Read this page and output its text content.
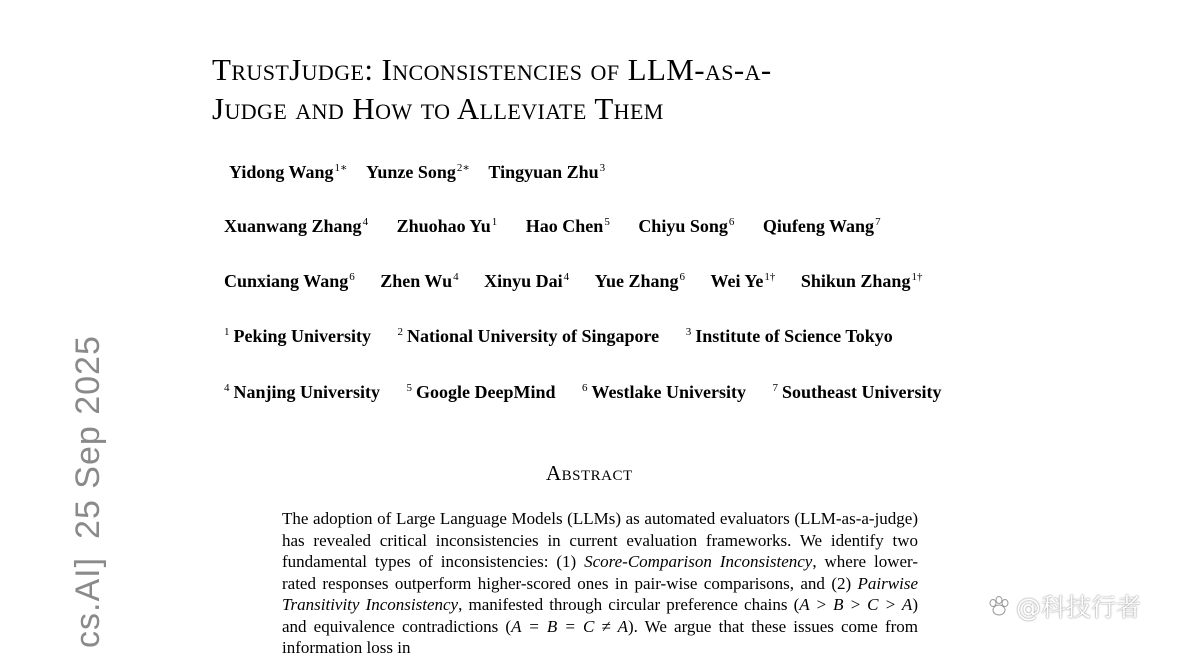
TrustJudge: Inconsistencies of LLM-as-a-
Judge and How to Alleviate Them
Yidong Wang$^{1∗}$ Yunze Song$^{2∗}$ Tingyuan Zhu$^3$
Xuanwang Zhang$^4$ Zhuohao Yu$^1$ Hao Chen$^5$ Chiyu Song$^6$ Qiufeng Wang$^7$
Cunxiang Wang$^6$ Zhen Wu$^4$ Xinyu Dai$^4$ Yue Zhang$^6$ Wei $Ye^{1\dagger}$ Shikun Zhang$^{1\dagger}$
$^1$ Peking University $^2$ National University of Singapore $^3$ Institute of Science Tokyo
$^4$ Nanjing University $^5$ Google DeepMind $^6$ Westlake University $^7$ Southeast University
Abstract

The adoption of Large Language Models (LLMs) as automated evaluators (LLM-as-a-judge) has revealed critical inconsistencies in current evaluation frameworks. We identify two fundamental types of inconsistencies: (1) Score-Comparison Inconsistency, where lower-rated responses outperform higher-scored ones in pair-wise comparisons, and (2) Pairwise Transitivity Inconsistency, manifested through circular preference chains (A > B > C > A) and equivalence contradictions (A = B = C ≠ A). We argue that these issues come from information loss in

cs.AI]25 Sep 2025
@科技行者
